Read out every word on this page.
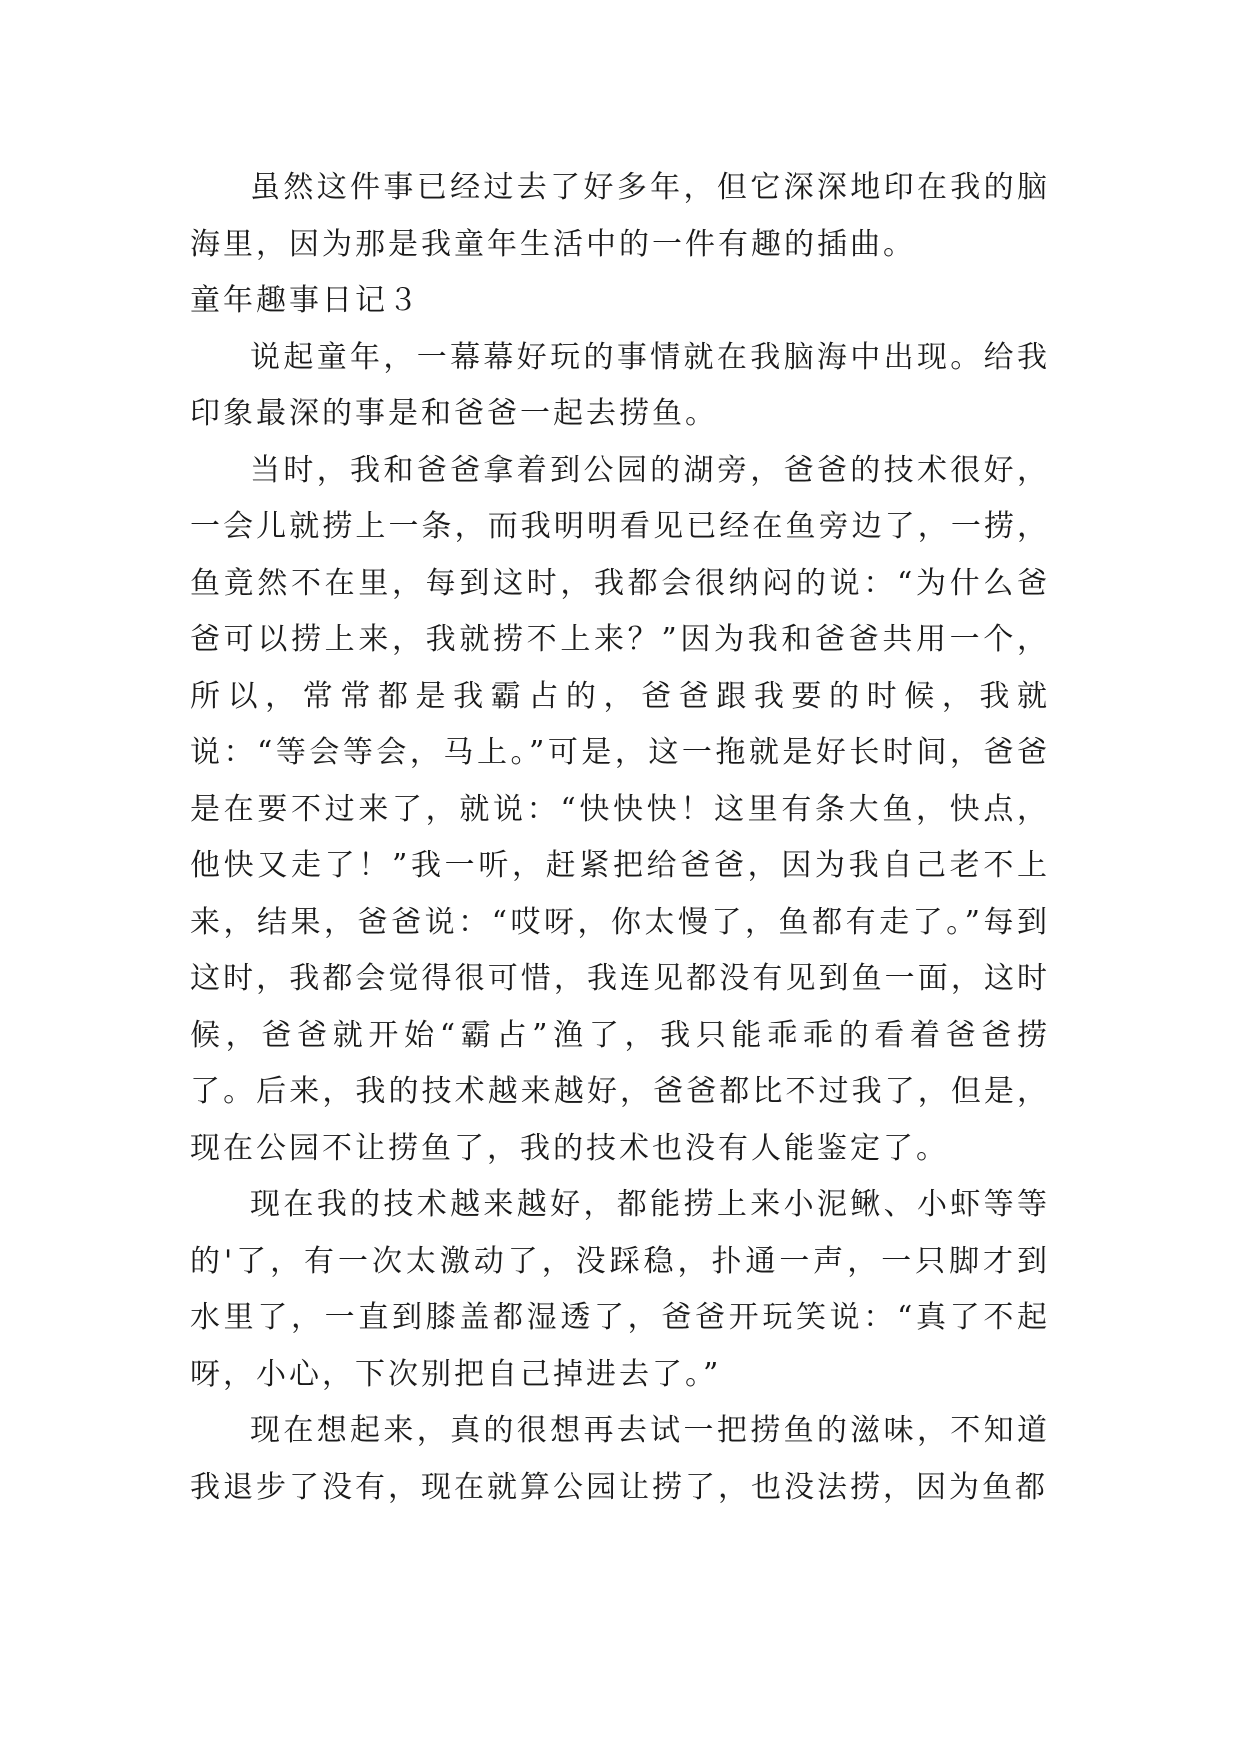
虽然这件事已经过去了好多年，但它深深地印在我的脑海里，因为那是我童年生活中的一件有趣的插曲。

童年趣事日记３

说起童年，一幕幕好玩的事情就在我脑海中出现。给我印象最深的事是和爸爸一起去捞鱼。

当时，我和爸爸拿着到公园的湖旁，爸爸的技术很好，一会儿就捞上一条，而我明明看见已经在鱼旁边了，一捞，鱼竟然不在里，每到这时，我都会很纳闷的说：“为什么爸爸可以捞上来，我就捞不上来？”因为我和爸爸共用一个，所以，常常都是我霸占的，爸爸跟我要的时候，我就说：“等会等会，马上。”可是，这一拖就是好长时间，爸爸是在要不过来了，就说：“快快快！这里有条大鱼，快点，他快又走了！”我一听，赶紧把给爸爸，因为我自己老不上来，结果，爸爸说：“哎呀，你太慢了，鱼都有走了。”每到这时，我都会觉得很可惜，我连见都没有见到鱼一面，这时候，爸爸就开始“霸占”渔了，我只能乖乖的看着爸爸捞了。后来，我的技术越来越好，爸爸都比不过我了，但是，现在公园不让捞鱼了，我的技术也没有人能鉴定了。

现在我的技术越来越好，都能捞上来小泥鳅、小虾等等的'了，有一次太激动了，没踩稳，扑通一声，一只脚才到水里了，一直到膝盖都湿透了，爸爸开玩笑说：“真了不起呀，小心，下次别把自己掉进去了。”

现在想起来，真的很想再去试一把捞鱼的滋味，不知道我退步了没有，现在就算公园让捞了，也没法捞，因为鱼都
